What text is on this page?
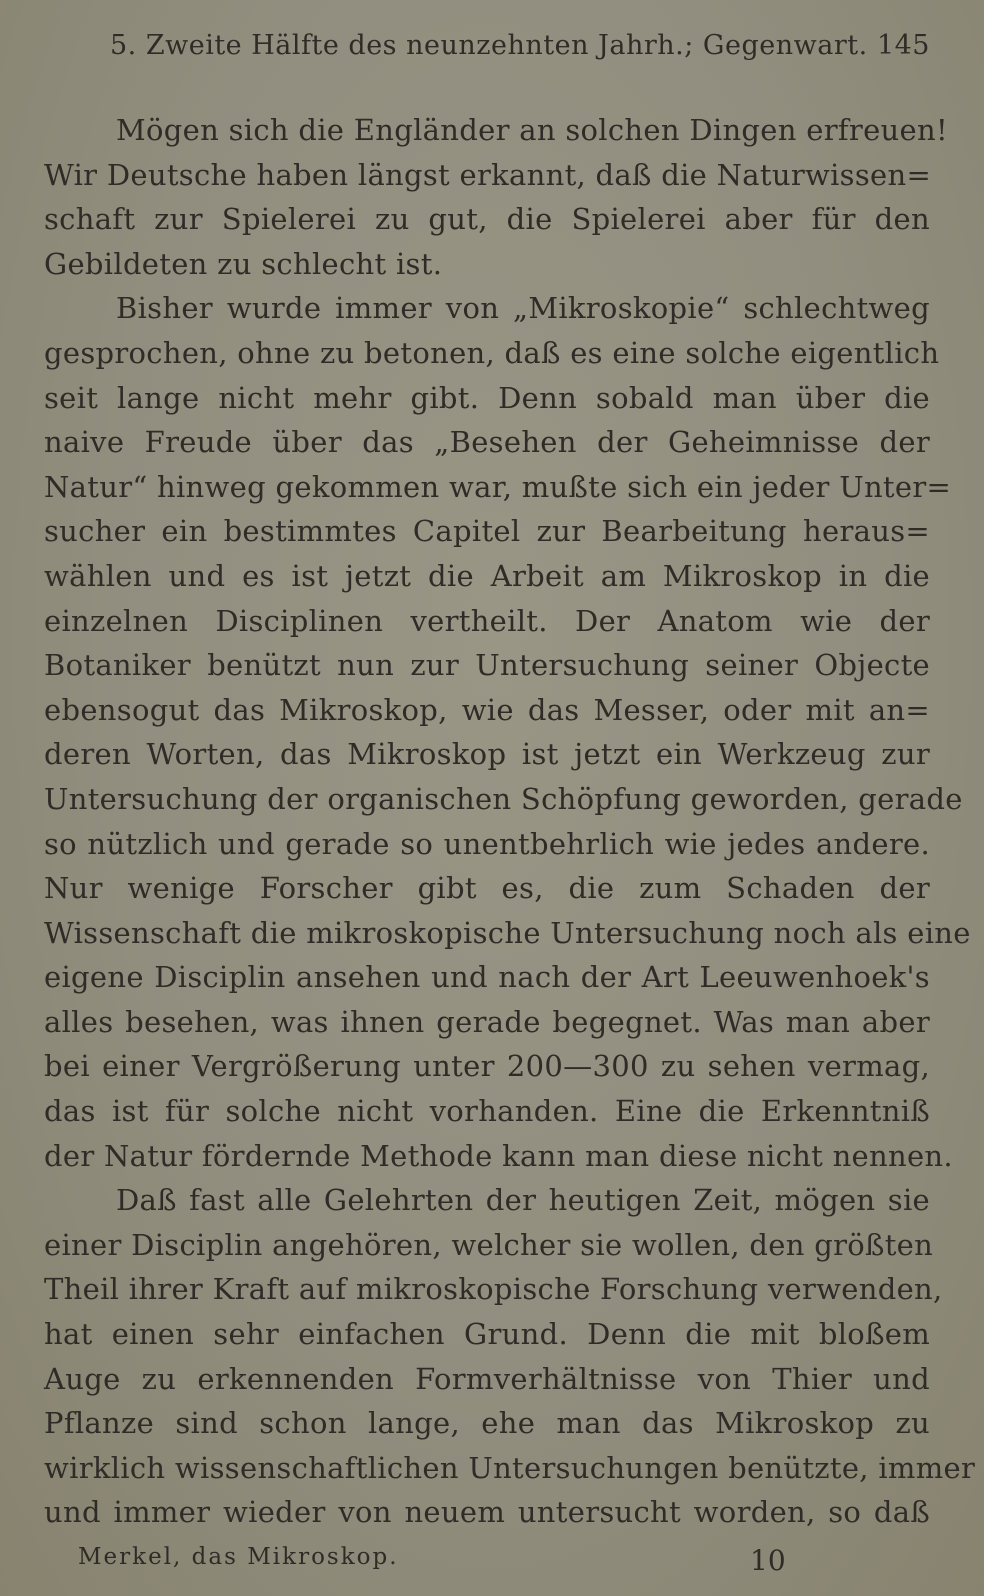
5. Zweite Hälfte des neunzehnten Jahrh.; Gegenwart. 145
Mögen sich die Engländer an solchen Dingen erfreuen!
Wir Deutsche haben längst erkannt, daß die Naturwissen=
schaft zur Spielerei zu gut, die Spielerei aber für den
Gebildeten zu schlecht ist.
Bisher wurde immer von „Mikroskopie“ schlechtweg
gesprochen, ohne zu betonen, daß es eine solche eigentlich
seit lange nicht mehr gibt. Denn sobald man über die
naive Freude über das „Besehen der Geheimnisse der
Natur“ hinweg gekommen war, mußte sich ein jeder Unter=
sucher ein bestimmtes Capitel zur Bearbeitung heraus=
wählen und es ist jetzt die Arbeit am Mikroskop in die
einzelnen Disciplinen vertheilt. Der Anatom wie der
Botaniker benützt nun zur Untersuchung seiner Objecte
ebensogut das Mikroskop, wie das Messer, oder mit an=
deren Worten, das Mikroskop ist jetzt ein Werkzeug zur
Untersuchung der organischen Schöpfung geworden, gerade
so nützlich und gerade so unentbehrlich wie jedes andere.
Nur wenige Forscher gibt es, die zum Schaden der
Wissenschaft die mikroskopische Untersuchung noch als eine
eigene Disciplin ansehen und nach der Art Leeuwenhoek's
alles besehen, was ihnen gerade begegnet. Was man aber
bei einer Vergrößerung unter 200—300 zu sehen vermag,
das ist für solche nicht vorhanden. Eine die Erkenntniß
der Natur fördernde Methode kann man diese nicht nennen.
Daß fast alle Gelehrten der heutigen Zeit, mögen sie
einer Disciplin angehören, welcher sie wollen, den größten
Theil ihrer Kraft auf mikroskopische Forschung verwenden,
hat einen sehr einfachen Grund. Denn die mit bloßem
Auge zu erkennenden Formverhältnisse von Thier und
Pflanze sind schon lange, ehe man das Mikroskop zu
wirklich wissenschaftlichen Untersuchungen benützte, immer
und immer wieder von neuem untersucht worden, so daß
Merkel, das Mikroskop.	10
